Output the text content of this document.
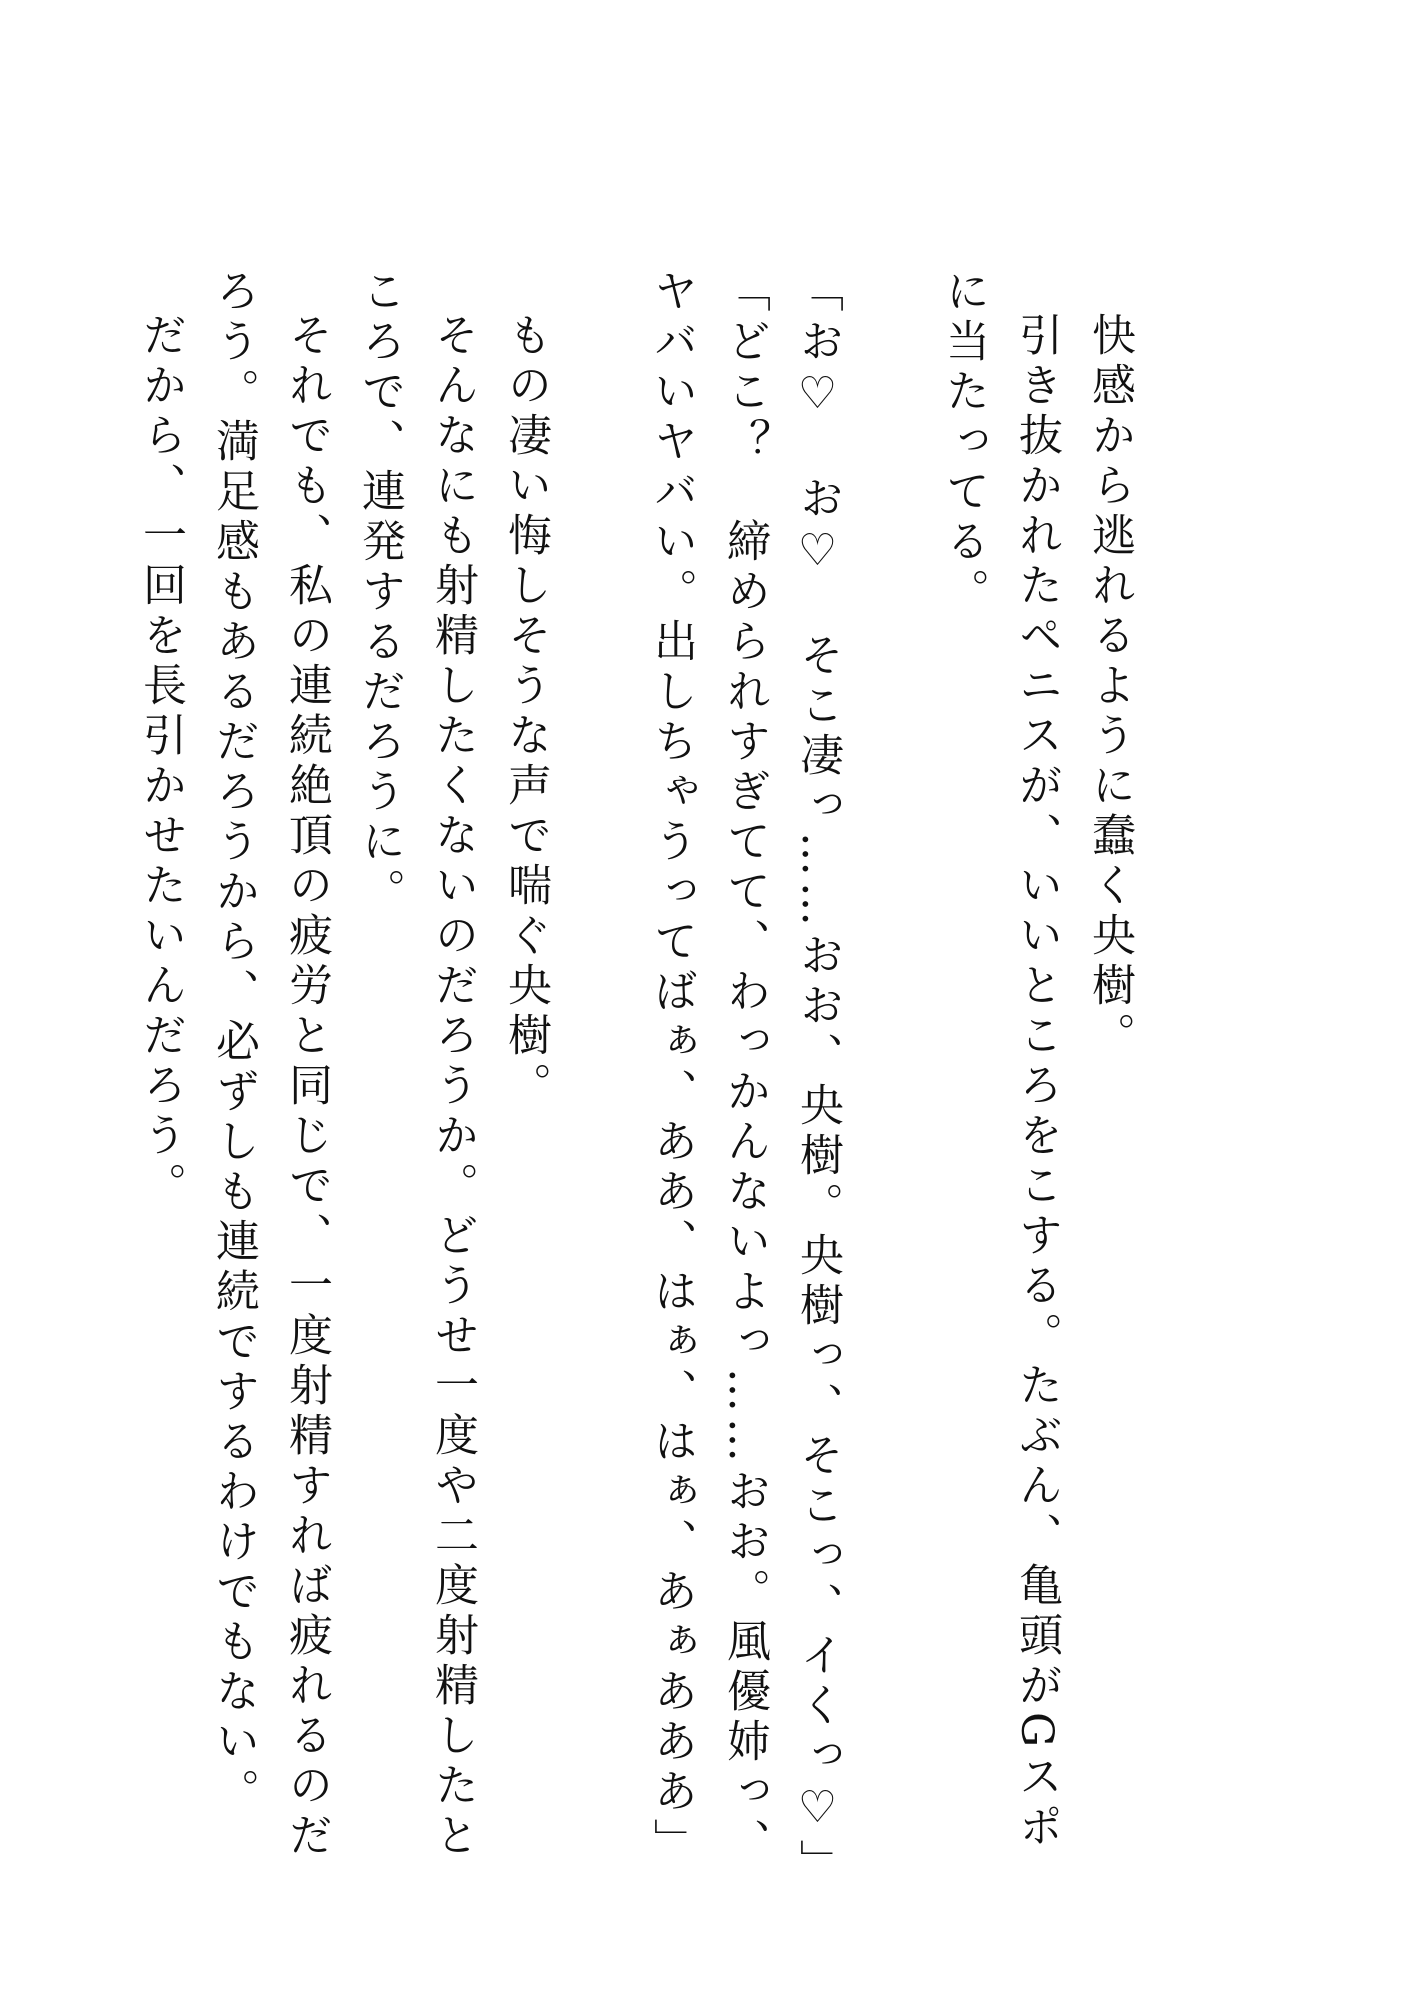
快感から逃れるように蠢く央樹。
引き抜かれたペニスが、いいところをこする。たぶん、亀頭がGスポ
に当たってる。
「お♡　お♡　そこ凄っ……おお、央樹。央樹っ、そこっ、イくっ♡」
「どこ？　締められすぎてて、わっかんないよっ……おお。風優姉っ、
ヤバいヤバい。出しちゃうってばぁ、ああ、はぁ、はぁ、あぁあああ」
もの凄い悔しそうな声で喘ぐ央樹。
そんなにも射精したくないのだろうか。どうせ一度や二度射精したと
ころで、連発するだろうに。
それでも、私の連続絶頂の疲労と同じで、一度射精すれば疲れるのだ
ろう。満足感もあるだろうから、必ずしも連続でするわけでもない。
だから、一回を長引かせたいんだろう。
